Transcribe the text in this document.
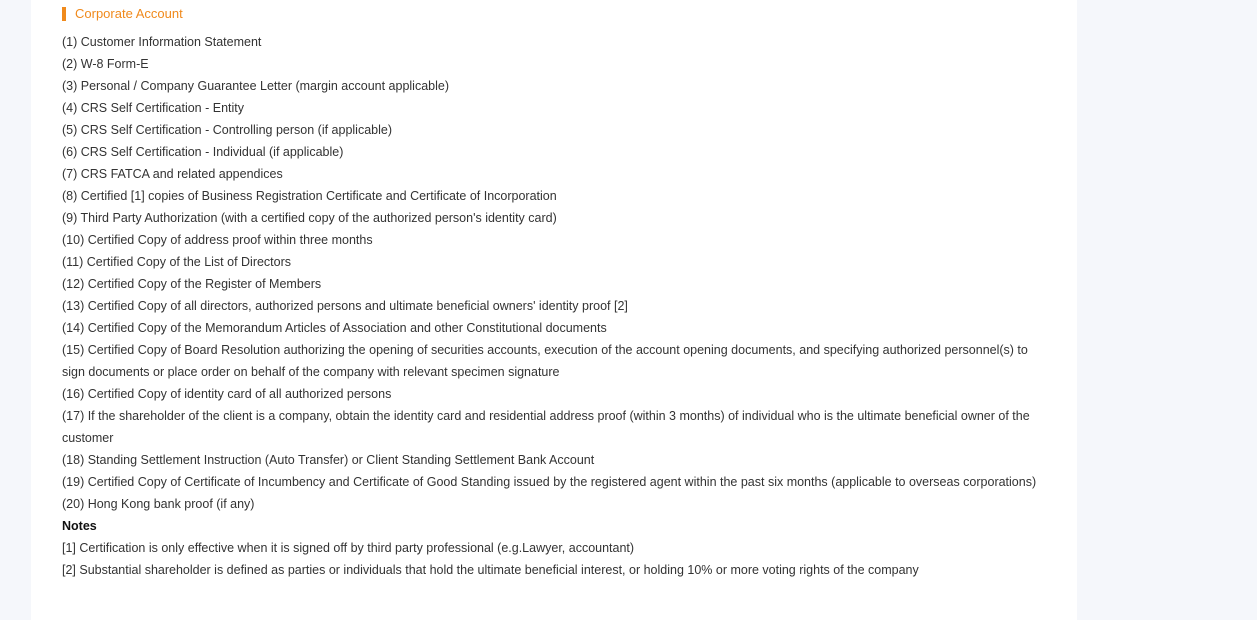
Corporate Account

(1) Customer Information Statement

(2) W-8 Form-E

(3) Personal / Company Guarantee Letter (margin account applicable)

(4) CRS Self Certification - Entity

(5) CRS Self Certification - Controlling person (if applicable)

(6) CRS Self Certification - Individual (if applicable)

(7) CRS FATCA and related appendices

(8) Certified [1] copies of Business Registration Certificate and Certificate of Incorporation

(9) Third Party Authorization (with a certified copy of the authorized person's identity card)

(10) Certified Copy of address proof within three months

(11) Certified Copy of the List of Directors

(12) Certified Copy of the Register of Members

(13) Certified Copy of all directors, authorized persons and ultimate beneficial owners' identity proof [2]

(14) Certified Copy of the Memorandum Articles of Association and other Constitutional documents

(15) Certified Copy of Board Resolution authorizing the opening of securities accounts, execution of the account opening documents, and specifying authorized personnel(s) to sign documents or place order on behalf of the company with relevant specimen signature

(16) Certified Copy of identity card of all authorized persons

(17) If the shareholder of the client is a company, obtain the identity card and residential address proof (within 3 months) of individual who is the ultimate beneficial owner of the customer

(18) Standing Settlement Instruction (Auto Transfer) or Client Standing Settlement Bank Account

(19) Certified Copy of Certificate of Incumbency and Certificate of Good Standing issued by the registered agent within the past six months (applicable to overseas corporations)

(20) Hong Kong bank proof (if any)

Notes

[1] Certification is only effective when it is signed off by third party professional (e.g.Lawyer, accountant)

[2] Substantial shareholder is defined as parties or individuals that hold the ultimate beneficial interest, or holding 10% or more voting rights of the company
